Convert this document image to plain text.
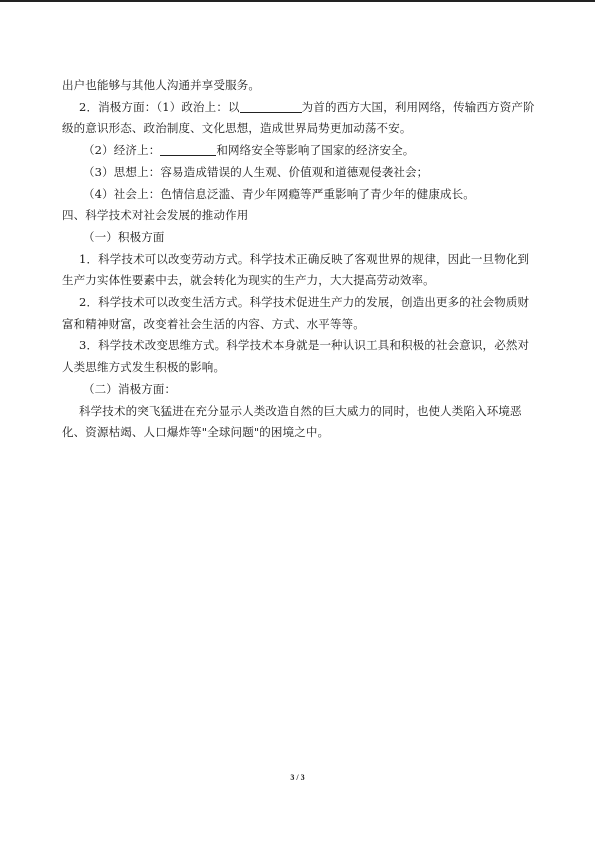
出户也能够与其他人沟通并享受服务。

2．消极方面：（1）政治上：以	为首的西方大国，利用网络，传输西方资产阶级的意识形态、政治制度、文化思想，造成世界局势更加动荡不安。

（2）经济上：	和网络安全等影响了国家的经济安全。

（3）思想上：容易造成错误的人生观、价值观和道德观侵袭社会；

（4）社会上：色情信息泛滥、青少年网瘾等严重影响了青少年的健康成长。

四、科学技术对社会发展的推动作用

（一）积极方面

1．科学技术可以改变劳动方式。科学技术正确反映了客观世界的规律，因此一旦物化到生产力实体性要素中去，就会转化为现实的生产力，大大提高劳动效率。

2．科学技术可以改变生活方式。科学技术促进生产力的发展，创造出更多的社会物质财富和精神财富，改变着社会生活的内容、方式、水平等等。

3．科学技术改变思维方式。科学技术本身就是一种认识工具和积极的社会意识，必然对人类思维方式发生积极的影响。

（二）消极方面：

科学技术的突飞猛进在充分显示人类改造自然的巨大威力的同时，也使人类陷入环境恶化、资源枯竭、人口爆炸等"全球问题"的困境之中。

3 / 3
